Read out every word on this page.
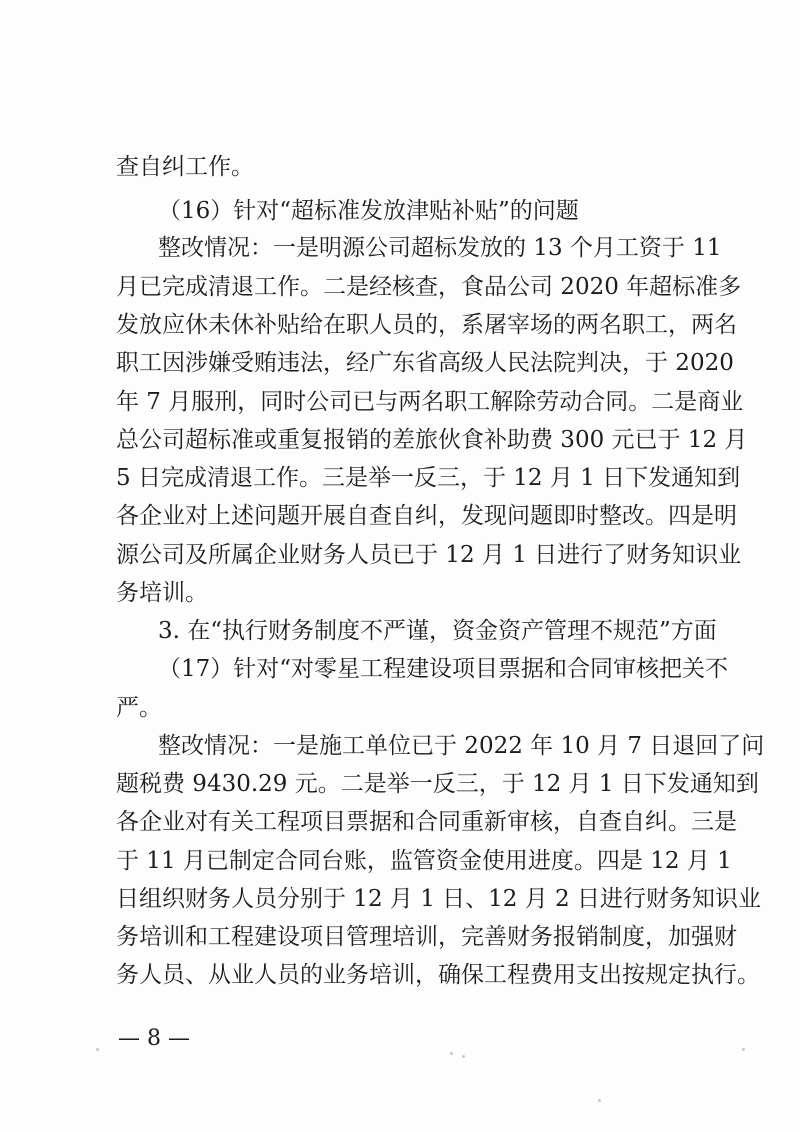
查自纠工作。
（16）针对“超标准发放津贴补贴”的问题
整改情况：一是明源公司超标发放的 13 个月工资于 11
月已完成清退工作。二是经核查，食品公司 2020 年超标准多
发放应休未休补贴给在职人员的，系屠宰场的两名职工，两名
职工因涉嫌受贿违法，经广东省高级人民法院判决，于 2020
年 7 月服刑，同时公司已与两名职工解除劳动合同。二是商业
总公司超标准或重复报销的差旅伙食补助费 300 元已于 12 月
5 日完成清退工作。三是举一反三，于 12 月 1 日下发通知到
各企业对上述问题开展自查自纠，发现问题即时整改。四是明
源公司及所属企业财务人员已于 12 月 1 日进行了财务知识业
务培训。
3. 在“执行财务制度不严谨，资金资产管理不规范”方面
（17）针对“对零星工程建设项目票据和合同审核把关不
严。
整改情况：一是施工单位已于 2022 年 10 月 7 日退回了问
题税费 9430.29 元。二是举一反三，于 12 月 1 日下发通知到
各企业对有关工程项目票据和合同重新审核，自查自纠。三是
于 11 月已制定合同台账，监管资金使用进度。四是 12 月 1
日组织财务人员分别于 12 月 1 日、12 月 2 日进行财务知识业
务培训和工程建设项目管理培训，完善财务报销制度，加强财
务人员、从业人员的业务培训，确保工程费用支出按规定执行。
— 8 —
